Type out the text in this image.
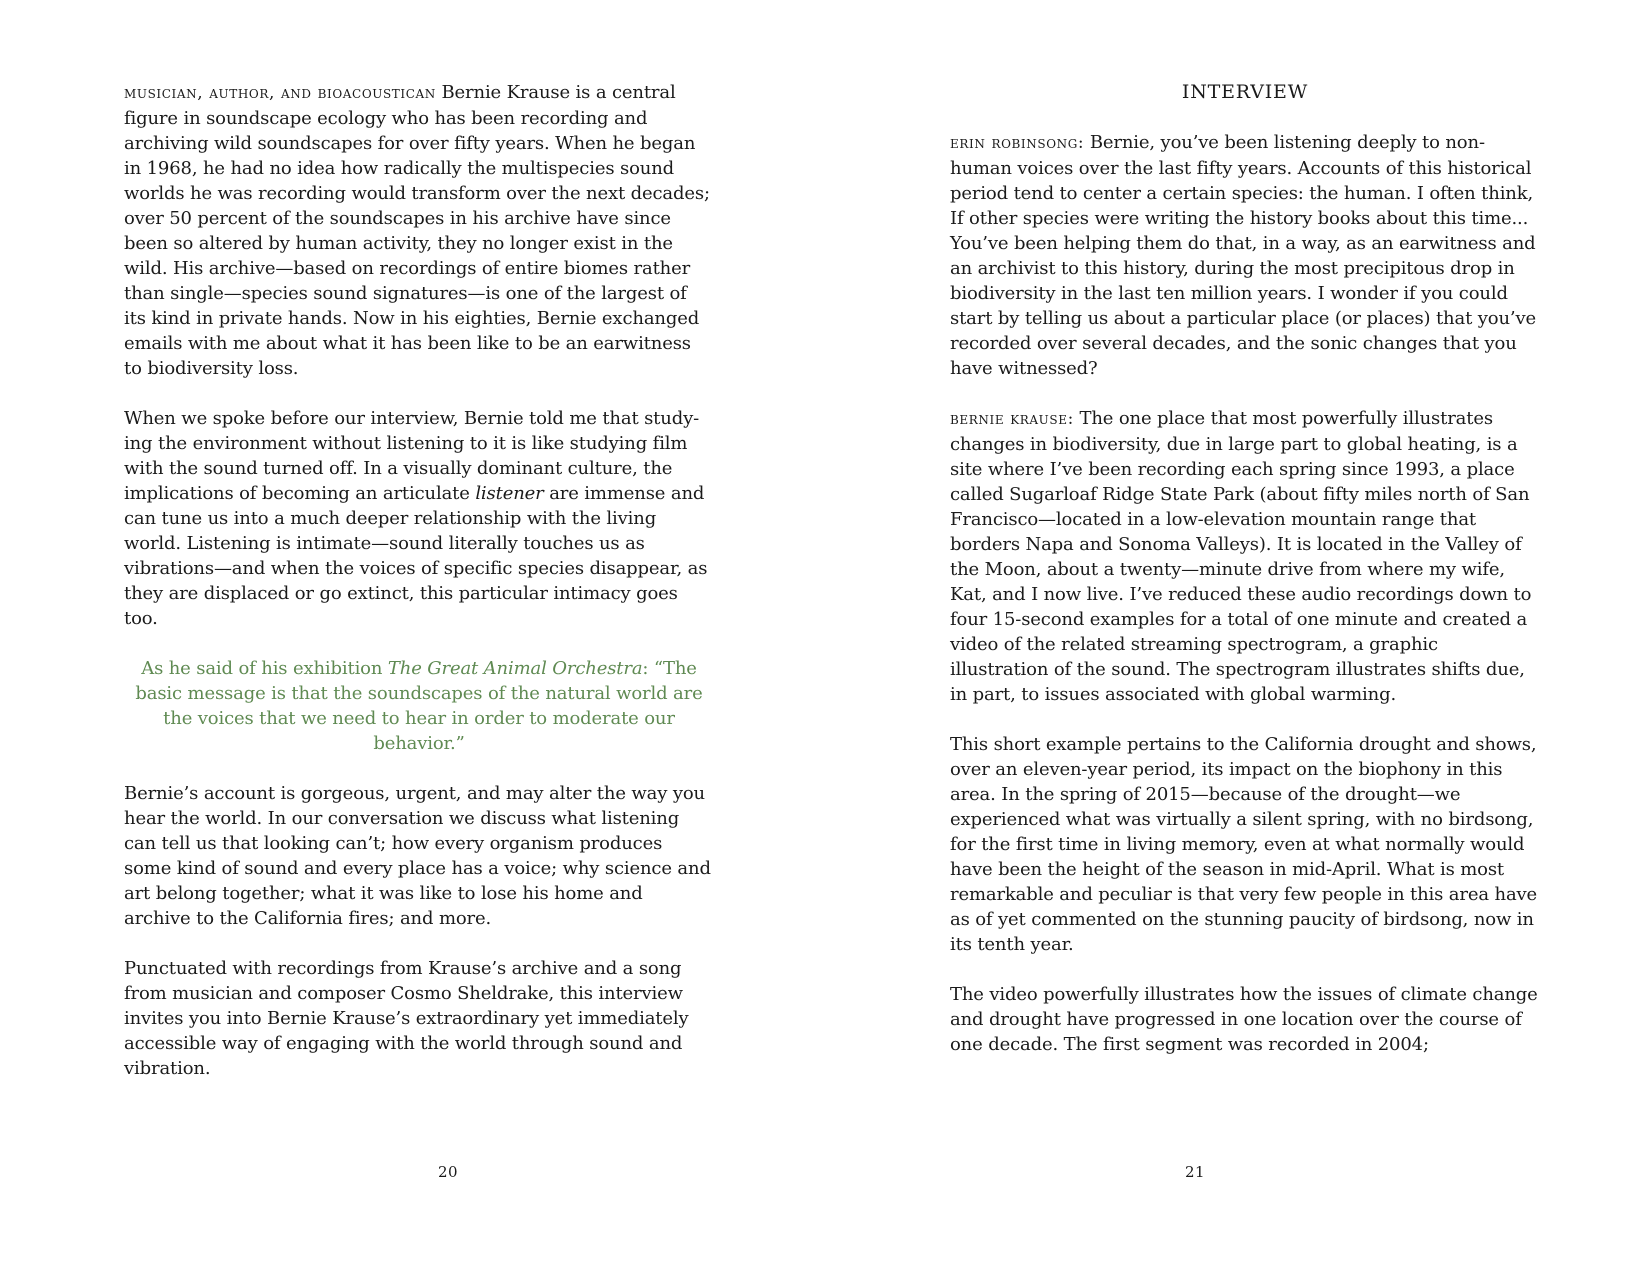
musician, author, and bioacoustican Bernie Krause is a central figure in soundscape ecology who has been recording and archiving wild soundscapes for over fifty years. When he began in 1968, he had no idea how radically the multispecies sound worlds he was recording would transform over the next decades; over 50 percent of the soundscapes in his archive have since been so altered by human activity, they no longer exist in the wild. His archive—based on recordings of entire biomes rather than single—species sound signatures—is one of the largest of its kind in private hands. Now in his eighties, Bernie exchanged emails with me about what it has been like to be an earwitness to biodiversity loss.

When we spoke before our interview, Bernie told me that studying the environment without listening to it is like studying film with the sound turned off. In a visually dominant culture, the implications of becoming an articulate listener are immense and can tune us into a much deeper relationship with the living world. Listening is intimate—sound literally touches us as vibrations—and when the voices of specific species disappear, as they are displaced or go extinct, this particular intimacy goes too.

As he said of his exhibition The Great Animal Orchestra: “The basic message is that the soundscapes of the natural world are the voices that we need to hear in order to moderate our behavior.”

Bernie’s account is gorgeous, urgent, and may alter the way you hear the world. In our conversation we discuss what listening can tell us that looking can’t; how every organism produces some kind of sound and every place has a voice; why science and art belong together; what it was like to lose his home and archive to the California fires; and more.

Punctuated with recordings from Krause’s archive and a song from musician and composer Cosmo Sheldrake, this interview invites you into Bernie Krause’s extraordinary yet immediately accessible way of engaging with the world through sound and vibration.

20
INTERVIEW

erin robinsong: Bernie, you’ve been listening deeply to non-human voices over the last fifty years. Accounts of this historical period tend to center a certain species: the human. I often think, If other species were writing the history books about this time... You’ve been helping them do that, in a way, as an earwitness and an archivist to this history, during the most precipitous drop in biodiversity in the last ten million years. I wonder if you could start by telling us about a particular place (or places) that you’ve recorded over several decades, and the sonic changes that you have witnessed?

bernie krause: The one place that most powerfully illustrates changes in biodiversity, due in large part to global heating, is a site where I’ve been recording each spring since 1993, a place called Sugarloaf Ridge State Park (about fifty miles north of San Francisco—located in a low-elevation mountain range that borders Napa and Sonoma Valleys). It is located in the Valley of the Moon, about a twenty—minute drive from where my wife, Kat, and I now live. I’ve reduced these audio recordings down to four 15-second examples for a total of one minute and created a video of the related streaming spectrogram, a graphic illustration of the sound. The spectrogram illustrates shifts due, in part, to issues associated with global warming.

This short example pertains to the California drought and shows, over an eleven-year period, its impact on the biophony in this area. In the spring of 2015—because of the drought—we experienced what was virtually a silent spring, with no birdsong, for the first time in living memory, even at what normally would have been the height of the season in mid-April. What is most remarkable and peculiar is that very few people in this area have as of yet commented on the stunning paucity of birdsong, now in its tenth year.

The video powerfully illustrates how the issues of climate change and drought have progressed in one location over the course of one decade. The first segment was recorded in 2004;

21
